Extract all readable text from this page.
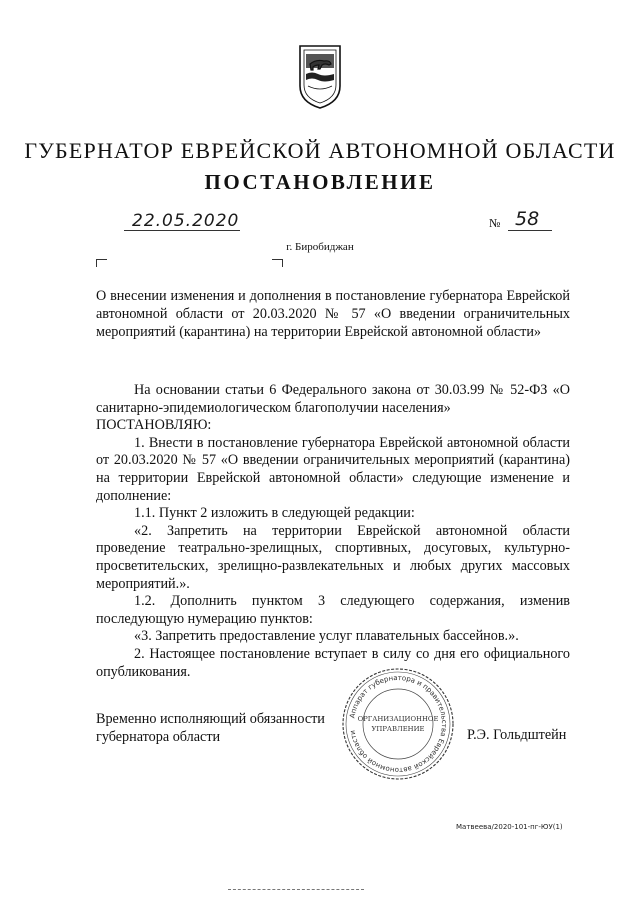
ГУБЕРНАТОР ЕВРЕЙСКОЙ АВТОНОМНОЙ ОБЛАСТИ
ПОСТАНОВЛЕНИЕ
22.05.2020	№ 58
г. Биробиджан
О внесении изменения и дополнения в постановление губернатора Еврейской автономной области от 20.03.2020 № 57 «О введении ограничительных мероприятий (карантина) на территории Еврейской автономной области»

На основании статьи 6 Федерального закона от 30.03.99 № 52-ФЗ «О санитарно-эпидемиологическом благополучии населения»

ПОСТАНОВЛЯЮ:

1. Внести в постановление губернатора Еврейской автономной области от 20.03.2020 № 57 «О введении ограничительных мероприятий (карантина) на территории Еврейской автономной области» следующие изменение и дополнение:

1.1. Пункт 2 изложить в следующей редакции:

«2. Запретить на территории Еврейской автономной области проведение театрально-зрелищных, спортивных, досуговых, культурно-просветительских, зрелищно-развлекательных и любых других массовых мероприятий.».

1.2. Дополнить пунктом 3 следующего содержания, изменив последующую нумерацию пунктов:

«3. Запретить предоставление услуг плавательных бассейнов.».

2. Настоящее постановление вступает в силу со дня его официального опубликования.

Временно исполняющий обязанности губернатора области	Р.Э. Гольдштейн
Аппарат губернатора и правительства Еврейской автономной области
ОРГАНИЗАЦИОННОЕ
УПРАВЛЕНИЕ
Матвеева/2020-101-пг-ЮУ(1)
